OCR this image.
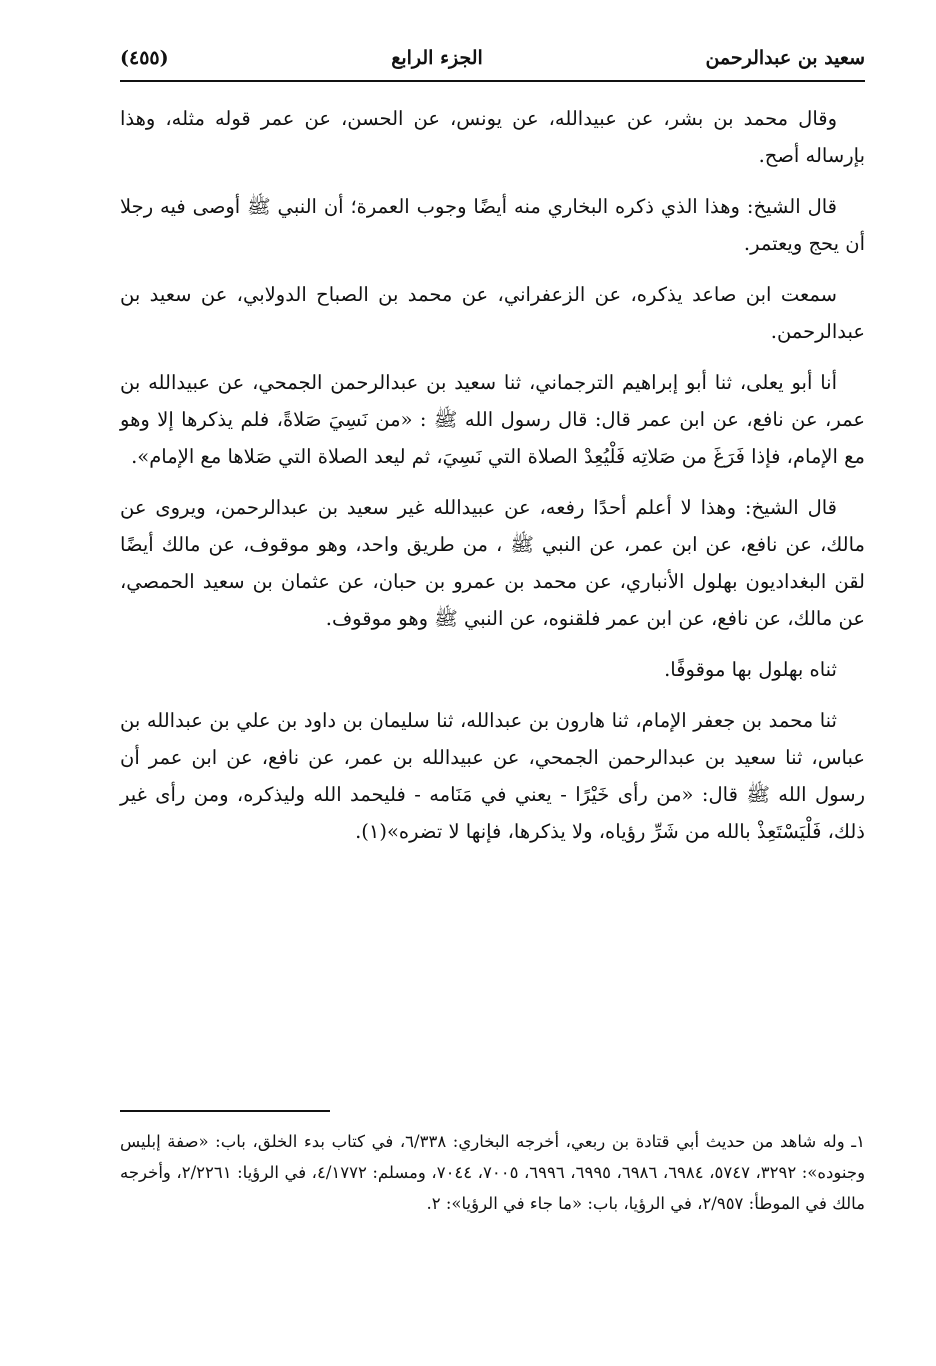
سعيد بن عبدالرحمن
الجزء الرابع
(٤٥٥)

وقال محمد بن بشر، عن عبيدالله، عن يونس، عن الحسن، عن عمر قوله مثله، وهذا بإرساله أصح.

قال الشيخ: وهذا الذي ذكره البخاري منه أيضًا وجوب العمرة؛ أن النبي ﷺ أوصى فيه رجلا أن يحج ويعتمر.

سمعت ابن صاعد يذكره، عن الزعفراني، عن محمد بن الصباح الدولابي، عن سعيد بن عبدالرحمن.

أنا أبو يعلى، ثنا أبو إبراهيم الترجماني، ثنا سعيد بن عبدالرحمن الجمحي، عن عبيدالله بن عمر، عن نافع، عن ابن عمر قال: قال رسول الله ﷺ : «من نَسِيَ صَلاةً، فلم يذكرها إلا وهو مع الإمام، فإذا فَرَغَ من صَلاتِه فَلْيُعِدْ الصلاة التي نَسِيَ، ثم ليعد الصلاة التي صَلاها مع الإمام».

قال الشيخ: وهذا لا أعلم أحدًا رفعه، عن عبيدالله غير سعيد بن عبدالرحمن، ويروى عن مالك، عن نافع، عن ابن عمر، عن النبي ﷺ ، من طريق واحد، وهو موقوف، عن مالك أيضًا لقن البغداديون بهلول الأنباري، عن محمد بن عمرو بن حبان، عن عثمان بن سعيد الحمصي، عن مالك، عن نافع، عن ابن عمر فلقنوه، عن النبي ﷺ وهو موقوف.

ثناه بهلول بها موقوفًا.

ثنا محمد بن جعفر الإمام، ثنا هارون بن عبدالله، ثنا سليمان بن داود بن علي بن عبدالله بن عباس، ثنا سعيد بن عبدالرحمن الجمحي، عن عبيدالله بن عمر، عن نافع، عن ابن عمر أن رسول الله ﷺ قال: «من رأى خَيْرًا - يعني في مَنَامه - فليحمد الله وليذكره، ومن رأى غير ذلك، فَلْيَسْتَعِذْ بالله من شَرِّ رؤياه، ولا يذكرها، فإنها لا تضره»(١).

١ـ وله شاهد من حديث أبي قتادة بن ربعي، أخرجه البخاري: ٦/٣٣٨، في كتاب بدء الخلق، باب: «صفة إبليس وجنوده»: ٣٢٩٢، ٥٧٤٧، ٦٩٨٤، ٦٩٨٦، ٦٩٩٥، ٦٩٩٦، ٧٠٠٥، ٧٠٤٤، ومسلم: ٤/١٧٧٢، في الرؤيا: ٢/٢٢٦١، وأخرجه مالك في الموطأ: ٢/٩٥٧، في الرؤيا، باب: «ما جاء في الرؤيا»: ٢.
